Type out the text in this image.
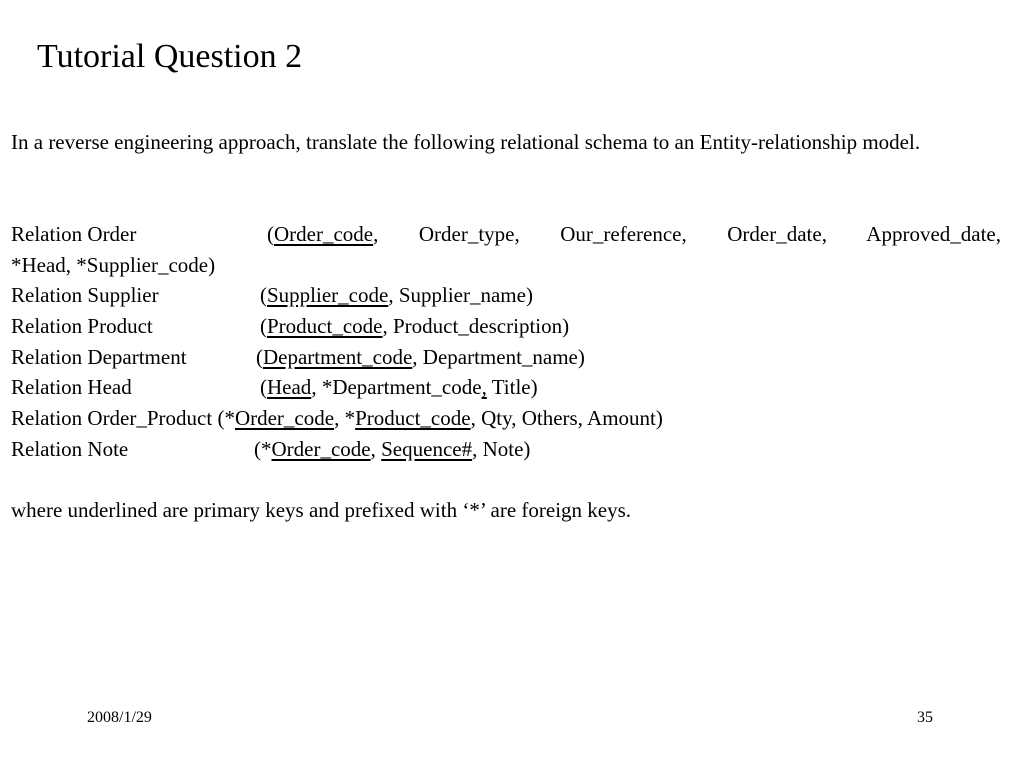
Tutorial Question 2
In a reverse engineering approach, translate the following relational schema to an Entity-relationship model.
Relation Order	(Order_code, Order_type, Our_reference, Order_date, Approved_date,
*Head, *Supplier_code)
Relation Supplier	(Supplier_code, Supplier_name)
Relation Product	(Product_code, Product_description)
Relation Department	(Department_code, Department_name)
Relation Head	(Head, *Department_code, Title)
Relation Order_Product (*Order_code, *Product_code, Qty, Others, Amount)
Relation Note	(*Order_code, Sequence#, Note)
where underlined are primary keys and prefixed with ‘*’ are foreign keys.
2008/1/29	35
